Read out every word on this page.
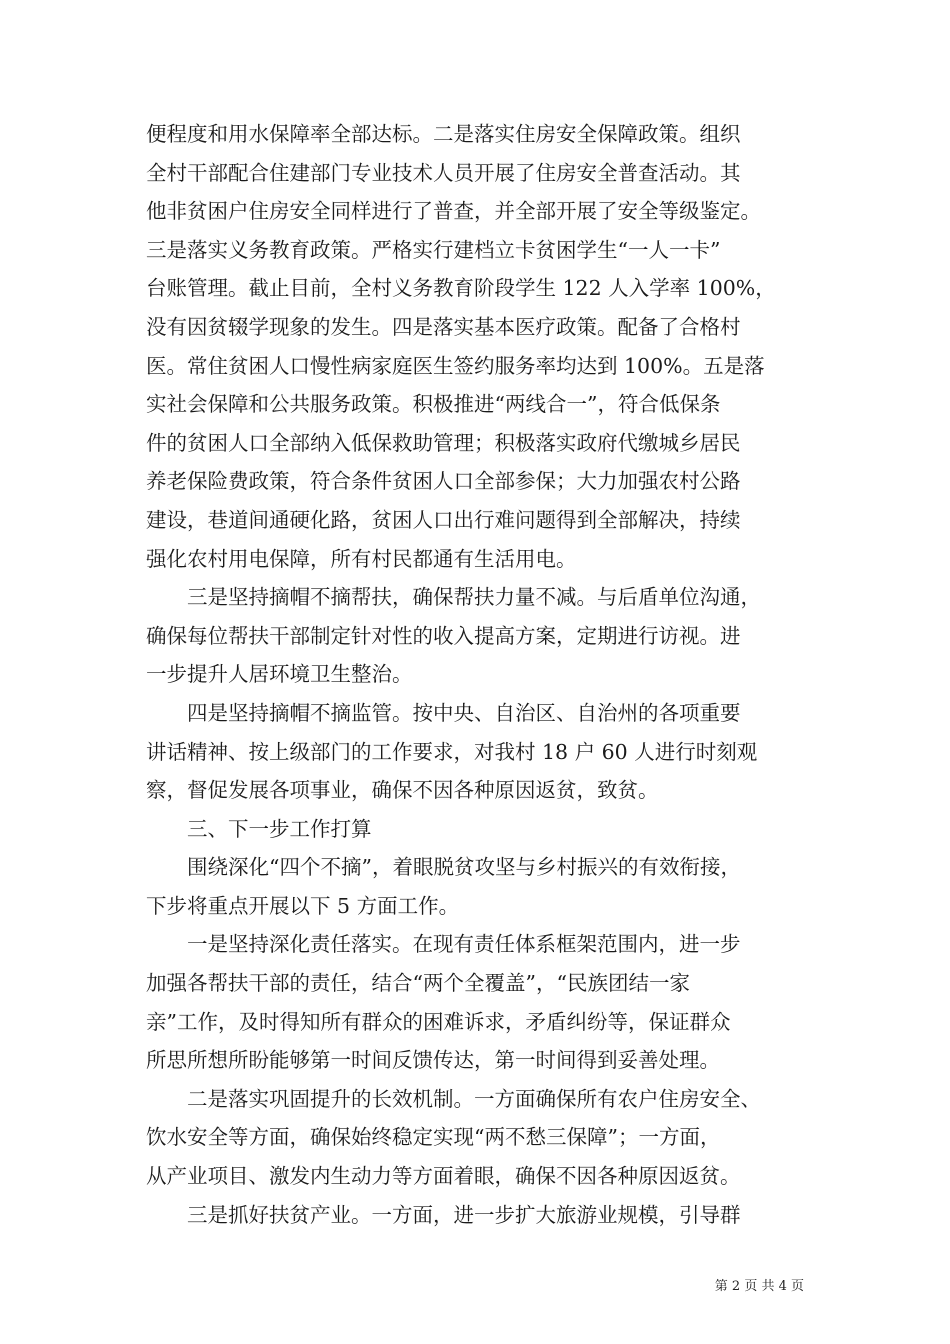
便程度和用水保障率全部达标。二是落实住房安全保障政策。组织
全村干部配合住建部门专业技术人员开展了住房安全普查活动。其
他非贫困户住房安全同样进行了普查，并全部开展了安全等级鉴定。
三是落实义务教育政策。严格实行建档立卡贫困学生“一人一卡”
台账管理。截止目前，全村义务教育阶段学生 122 人入学率 100%，
没有因贫辍学现象的发生。四是落实基本医疗政策。配备了合格村
医。常住贫困人口慢性病家庭医生签约服务率均达到 100%。五是落
实社会保障和公共服务政策。积极推进“两线合一”，符合低保条
件的贫困人口全部纳入低保救助管理；积极落实政府代缴城乡居民
养老保险费政策，符合条件贫困人口全部参保；大力加强农村公路
建设，巷道间通硬化路，贫困人口出行难问题得到全部解决，持续
强化农村用电保障，所有村民都通有生活用电。
三是坚持摘帽不摘帮扶，确保帮扶力量不减。与后盾单位沟通，
确保每位帮扶干部制定针对性的收入提高方案，定期进行访视。进
一步提升人居环境卫生整治。
四是坚持摘帽不摘监管。按中央、自治区、自治州的各项重要
讲话精神、按上级部门的工作要求，对我村 18 户 60 人进行时刻观
察，督促发展各项事业，确保不因各种原因返贫，致贫。
三、下一步工作打算
围绕深化“四个不摘”，着眼脱贫攻坚与乡村振兴的有效衔接，
下步将重点开展以下 5 方面工作。
一是坚持深化责任落实。在现有责任体系框架范围内，进一步
加强各帮扶干部的责任，结合“两个全覆盖”，“民族团结一家
亲”工作，及时得知所有群众的困难诉求，矛盾纠纷等，保证群众
所思所想所盼能够第一时间反馈传达，第一时间得到妥善处理。
二是落实巩固提升的长效机制。一方面确保所有农户住房安全、
饮水安全等方面，确保始终稳定实现“两不愁三保障”；一方面，
从产业项目、激发内生动力等方面着眼，确保不因各种原因返贫。
三是抓好扶贫产业。一方面，进一步扩大旅游业规模，引导群
第 2 页 共 4 页
